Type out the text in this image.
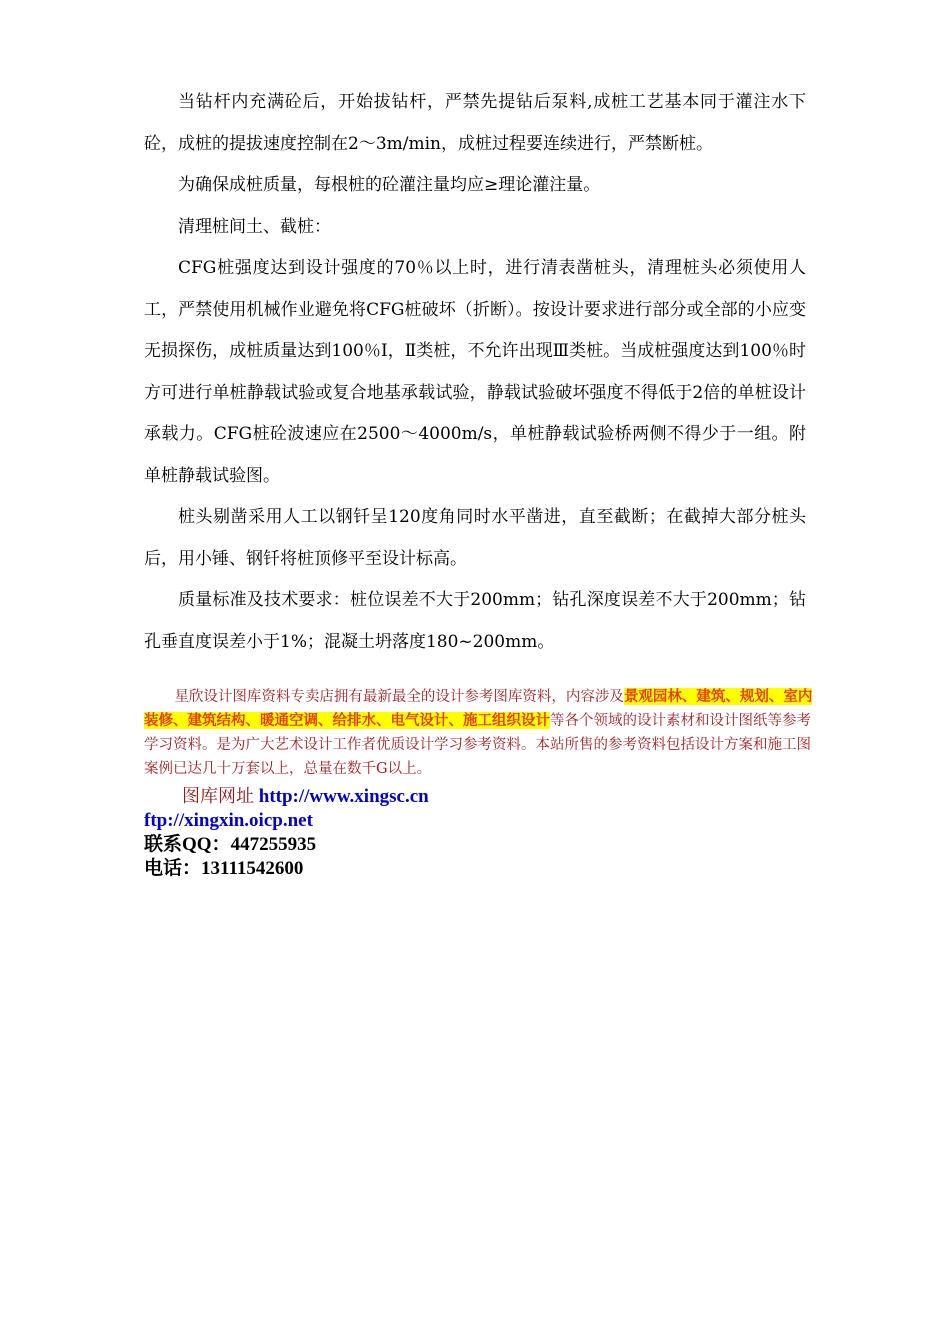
当钻杆内充满砼后，开始拔钻杆，严禁先提钻后泵料,成桩工艺基本同于灌注水下砼，成桩的提拔速度控制在2～3m/min，成桩过程要连续进行，严禁断桩。

为确保成桩质量，每根桩的砼灌注量均应≥理论灌注量。

清理桩间土、截桩：

CFG桩强度达到设计强度的70％以上时，进行清表凿桩头，清理桩头必须使用人工，严禁使用机械作业避免将CFG桩破坏（折断）。按设计要求进行部分或全部的小应变无损探伤，成桩质量达到100％Ⅰ，Ⅱ类桩，不允许出现Ⅲ类桩。当成桩强度达到100％时方可进行单桩静载试验或复合地基承载试验，静载试验破坏强度不得低于2倍的单桩设计承载力。CFG桩砼波速应在2500～4000m/s，单桩静载试验桥两侧不得少于一组。附单桩静载试验图。

桩头剔凿采用人工以钢钎呈120度角同时水平凿进，直至截断；在截掉大部分桩头后，用小锤、钢钎将桩顶修平至设计标高。

质量标准及技术要求：桩位误差不大于200mm；钻孔深度误差不大于200mm；钻孔垂直度误差小于1%；混凝土坍落度180~200mm。

星欣设计图库资料专卖店拥有最新最全的设计参考图库资料，内容涉及景观园林、建筑、规划、室内装修、建筑结构、暖通空调、给排水、电气设计、施工组织设计等各个领域的设计素材和设计图纸等参考学习资料。是为广大艺术设计工作者优质设计学习参考资料。本站所售的参考资料包括设计方案和施工图案例已达几十万套以上，总量在数千G以上。

图库网址 http://www.xingsc.cn
ftp://xingxin.oicp.net
联系QQ：447255935
电话：13111542600
